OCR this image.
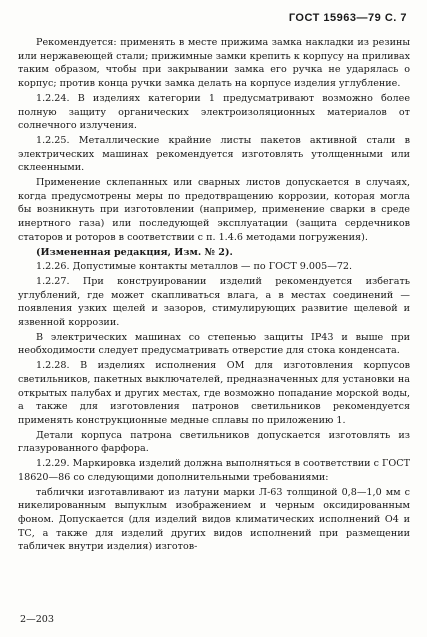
ГОСТ 15963—79 С. 7

Рекомендуется: применять в месте прижима замка накладки из резины или нержавеющей стали; прижимные замки крепить к корпусу на приливах таким образом, чтобы при закрывании замка его ручка не ударялась о корпус; против конца ручки замка делать на корпусе изделия углубление.

1.2.24. В изделиях категории 1 предусматривают возможно более полную защиту органических электроизоляционных материалов от солнечного излучения.

1.2.25. Металлические крайние листы пакетов активной стали в электрических машинах рекомендуется изготовлять утолщенными или склеенными.

Применение склепанных или сварных листов допускается в случаях, когда предусмотрены меры по предотвращению коррозии, которая могла бы возникнуть при изготовлении (например, применение сварки в среде инертного газа) или последующей эксплуатации (защита сердечников статоров и роторов в соответствии с п. 1.4.6 методами погружения).

(Измененная редакция, Изм. № 2).

1.2.26. Допустимые контакты металлов — по ГОСТ 9.005—72.

1.2.27. При конструировании изделий рекомендуется избегать углублений, где может скапливаться влага, а в местах соединений — появления узких щелей и зазоров, стимулирующих развитие щелевой и язвенной коррозии.

В электрических машинах со степенью защиты IP43 и выше при необходимости следует предусматривать отверстие для стока конденсата.

1.2.28. В изделиях исполнения ОМ для изготовления корпусов светильников, пакетных выключателей, предназначенных для установки на открытых палубах и других местах, где возможно попадание морской воды, а также для изготовления патронов светильников рекомендуется применять конструкционные медные сплавы по приложению 1.

Детали корпуса патрона светильников допускается изготовлять из глазурованного фарфора.

1.2.29. Маркировка изделий должна выполняться в соответствии с ГОСТ 18620—86 со следующими дополнительными требованиями:

таблички изготавливают из латуни марки Л-63 толщиной 0,8—1,0 мм с никелированным выпуклым изображением и черным оксидированным фоном. Допускается (для изделий видов климатических исполнений О4 и ТС, а также для изделий других видов исполнений при размещении табличек внутри изделия) изготов-

2—203
